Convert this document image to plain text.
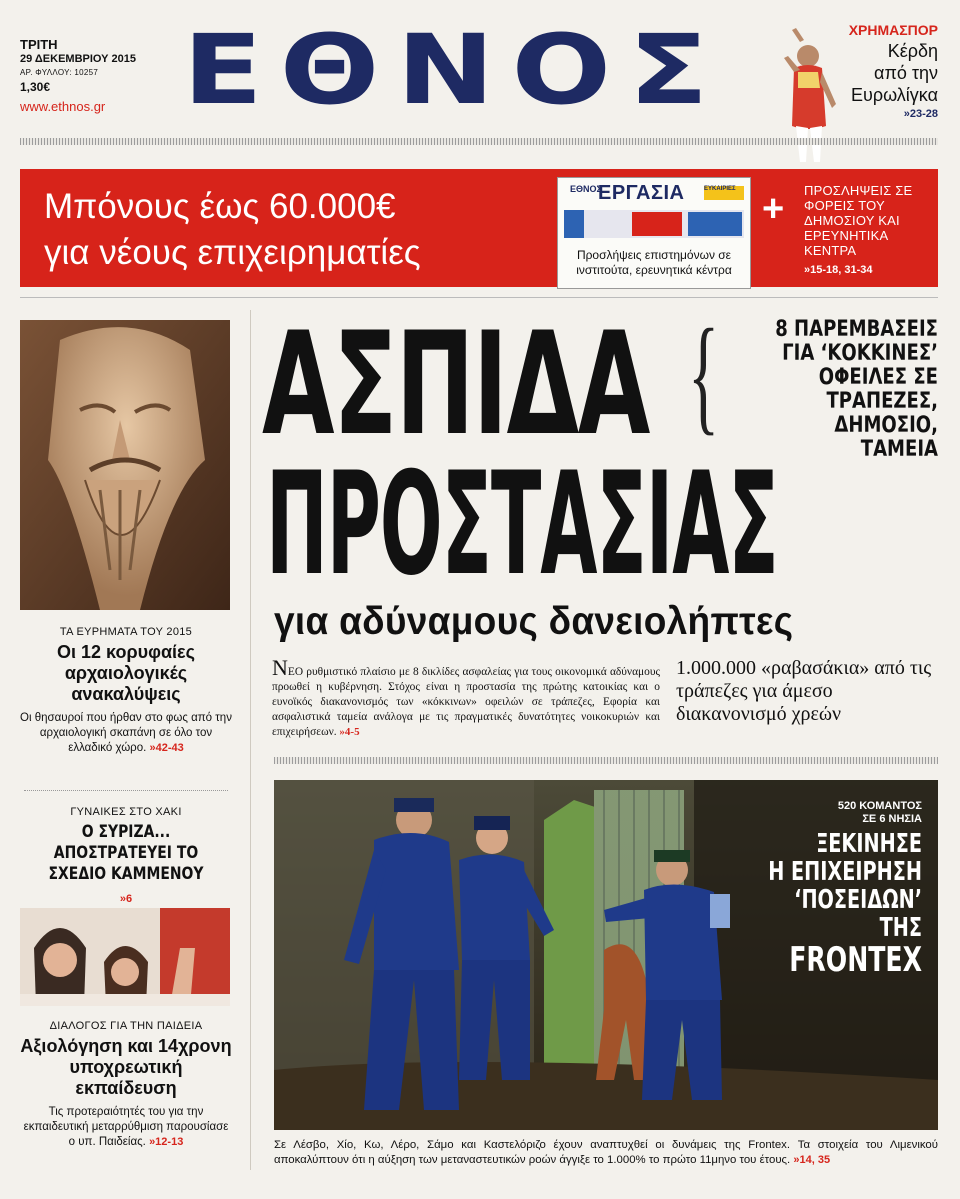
ΤΡΙΤΗ
29 ΔΕΚΕΜΒΡΙΟΥ 2015
ΑΡ. ΦΥΛΛΟΥ: 10257
1,30€
www.ethnos.gr ΕΘΝΟΣ	ΧΡΗΜΑΣΠΟΡ
Κέρδη
από την
Ευρωλίγκα
»23-28
Μπόνους έως 60.000€
για νέους επιχειρηματίες
ΕΘΝΟΣ
ΕΡΓΑΣΙΑ	ΕΥΚΑΙΡΙΕΣ
Προσλήψεις επιστημόνων σε ινστιτούτα, ερευνητικά κέντρα
+ ΠΡΟΣΛΗΨΕΙΣ ΣΕ ΦΟΡΕΙΣ ΤΟΥ ΔΗΜΟΣΙΟΥ ΚΑΙ ΕΡΕΥΝΗΤΙΚΑ ΚΕΝΤΡΑ
»15-18, 31-34
ΤΑ ΕΥΡΗΜΑΤΑ ΤΟΥ 2015
Οι 12 κορυφαίες αρχαιολογικές ανακαλύψεις
Οι θησαυροί που ήρθαν στο φως από την αρχαιολογική σκαπάνη σε όλο τον ελλαδικό χώρο. »42-43
ΓΥΝΑΙΚΕΣ ΣΤΟ ΧΑΚΙ
Ο ΣΥΡΙΖΑ... ΑΠΟΣΤΡΑΤΕΥΕΙ ΤΟ ΣΧΕΔΙΟ ΚΑΜΜΕΝΟΥ
»6
ΔΙΑΛΟΓΟΣ ΓΙΑ ΤΗΝ ΠΑΙΔΕΙΑ
Αξιολόγηση και 14χρονη υποχρεωτική εκπαίδευση
Τις προτεραιότητές του για την εκπαιδευτική μεταρρύθμιση παρουσίασε ο υπ. Παιδείας. »12-13
ΑΣΠΙΔΑ {	8 ΠΑΡΕΜΒΑΣΕΙΣ ΓΙΑ ‘ΚΟΚΚΙΝΕΣ’ ΟΦΕΙΛΕΣ ΣΕ ΤΡΑΠΕΖΕΣ, ΔΗΜΟΣΙΟ, ΤΑΜΕΙΑ
ΠΡΟΣΤΑΣΙΑΣ
για αδύναμους δανειολήπτες
ΝΕΟ ρυθμιστικό πλαίσιο με 8 δικλίδες ασφαλείας για τους οικονομικά αδύναμους προωθεί η κυβέρνηση. Στόχος είναι η προστασία της πρώτης κατοικίας και ο ευνοϊκός διακανονισμός των «κόκκινων» οφειλών σε τράπεζες, Εφορία και ασφαλιστικά ταμεία ανάλογα με τις πραγματικές δυνατότητες νοικοκυριών και επιχειρήσεων. »4-5
1.000.000 «ραβασάκια» από τις τράπεζες για άμεσο διακανονισμό χρεών
520 ΚΟΜΑΝΤΟΣ
ΣΕ 6 ΝΗΣΙΑ
ΞΕΚΙΝΗΣΕ
Η ΕΠΙΧΕΙΡΗΣΗ
‘ΠΟΣΕΙΔΩΝ’
ΤΗΣ
FRONTEX
Σε Λέσβο, Χίο, Κω, Λέρο, Σάμο και Καστελόριζο έχουν αναπτυχθεί οι δυνάμεις της Frontex. Τα στοιχεία του Λιμενικού αποκαλύπτουν ότι η αύξηση των μεταναστευτικών ροών άγγιξε το 1.000% το πρώτο 11μηνο του έτους. »14, 35
